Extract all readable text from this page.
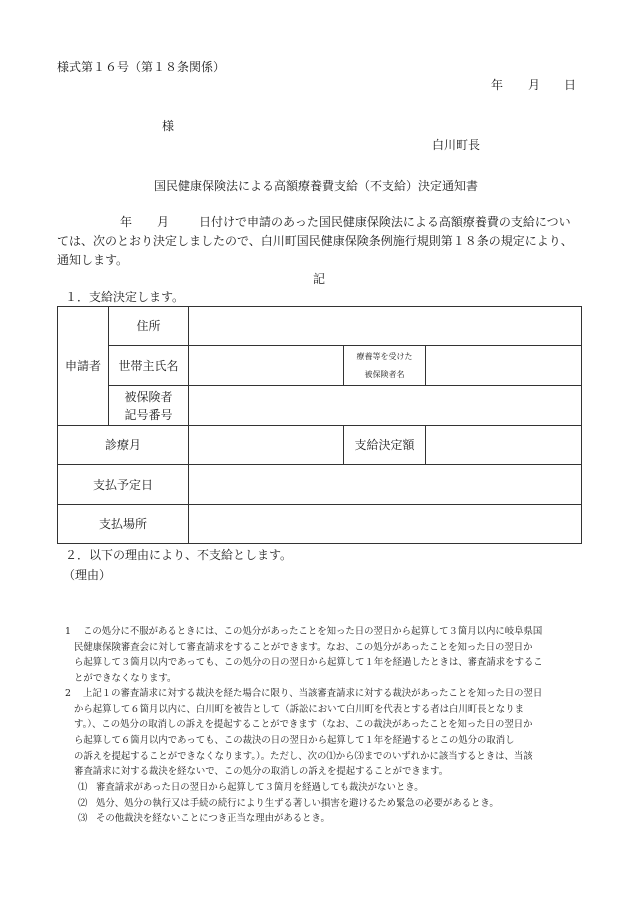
様式第１６号（第１８条関係）
年 月 日
様
白川町長
国民健康保険法による高額療養費支給（不支給）決定通知書
年 月 日付けで申請のあった国民健康保険法による高額療養費の支給につい
ては、次のとおり決定しましたので、白川町国民健康保険条例施行規則第１８条の規定により、
通知します。
記
１．支給決定します。
申請者	住所			
	世帯主氏名		療養等を受けた
被保険者名	

	被保険者
記号番号			

診療月			支給決定額	
支払予定日				
支払場所				
２．以下の理由により、不支給とします。
（理由）
1 この処分に不服があるときには、この処分があったことを知った日の翌日から起算して３箇月以内に岐阜県国
民健康保険審査会に対して審査請求をすることができます。なお、この処分があったことを知った日の翌日か
ら起算して３箇月以内であっても、この処分の日の翌日から起算して１年を経過したときは、審査請求をするこ
とができなくなります。
2 上記１の審査請求に対する裁決を経た場合に限り、当該審査請求に対する裁決があったことを知った日の翌日
から起算して６箇月以内に、白川町を被告として（訴訟において白川町を代表とする者は白川町長となりま
す。）、この処分の取消しの訴えを提起することができます（なお、この裁決があったことを知った日の翌日か
ら起算して６箇月以内であっても、この裁決の日の翌日から起算して１年を経過するとこの処分の取消し
の訴えを提起することができなくなります。）。ただし、次の⑴から⑶までのいずれかに該当するときは、当該
審査請求に対する裁決を経ないで、この処分の取消しの訴えを提起することができます。
⑴ 審査請求があった日の翌日から起算して３箇月を経過しても裁決がないとき。
⑵ 処分、処分の執行又は手続の続行により生ずる著しい損害を避けるため緊急の必要があるとき。
⑶ その他裁決を経ないことにつき正当な理由があるとき。
